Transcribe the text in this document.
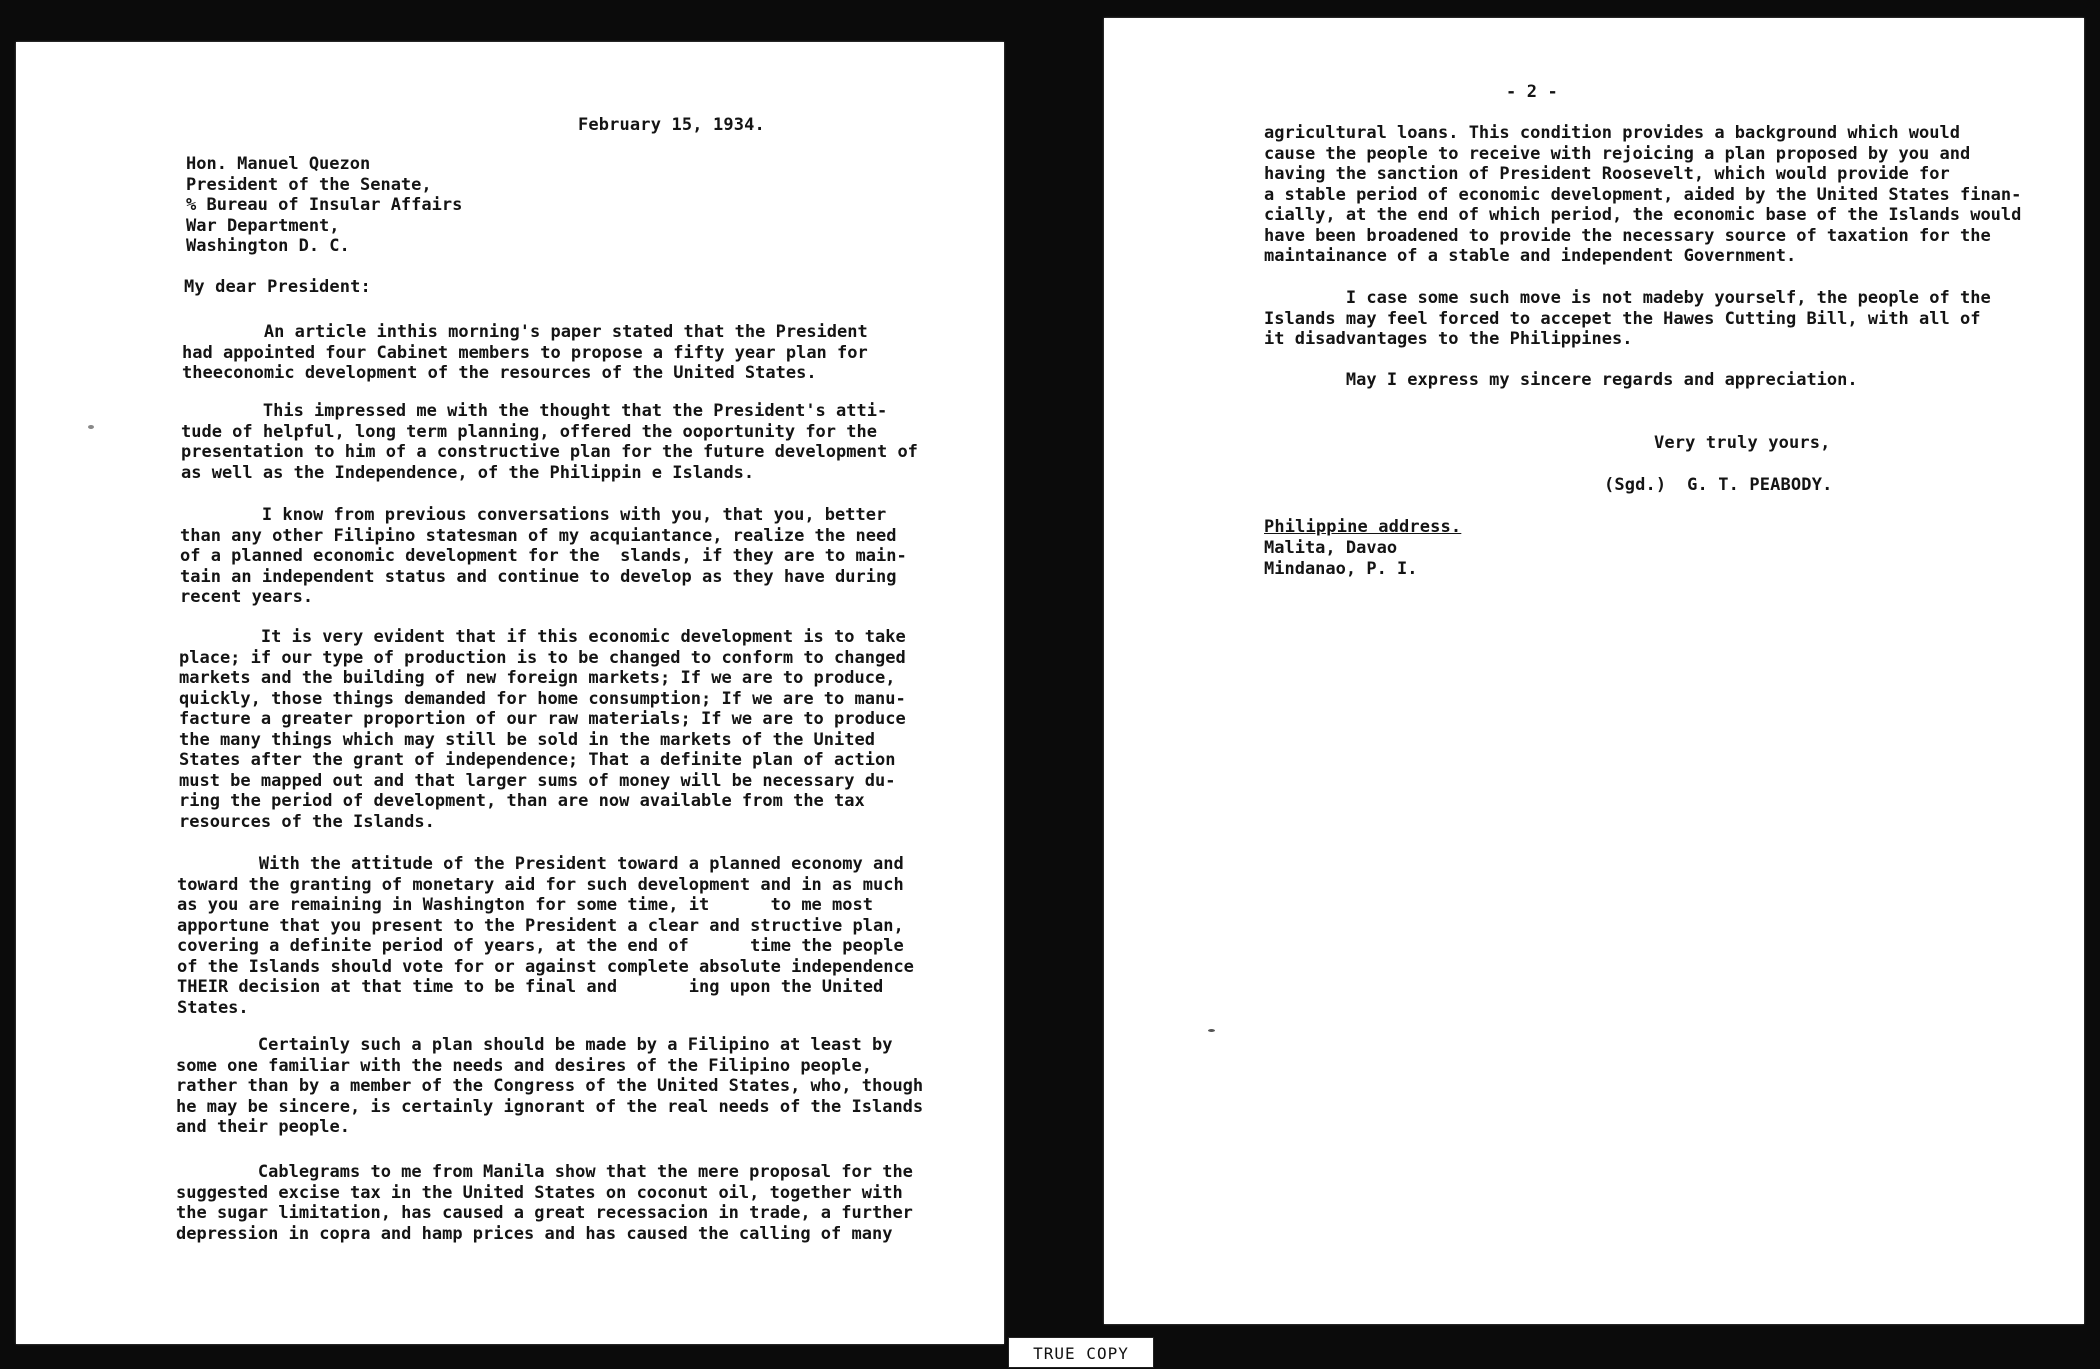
February 15, 1934.

Hon. Manuel Quezon
President of the Senate,
% Bureau of Insular Affairs
War Department,
Washington D. C.

My dear President:

An article inthis morning's paper stated that the President
had appointed four Cabinet members to propose a fifty year plan for
theeconomic development of the resources of the United States.
This impressed me with the thought that the President's atti-
tude of helpful, long term planning, offered the ooportunity for the
presentation to him of a constructive plan for the future development of
as well as the Independence, of the Philippin e Islands.
I know from previous conversations with you, that you, better
than any other Filipino statesman of my acquiantance, realize the need
of a planned economic development for the  slands, if they are to main-
tain an independent status and continue to develop as they have during
recent years.
It is very evident that if this economic development is to take
place; if our type of production is to be changed to conform to changed
markets and the building of new foreign markets; If we are to produce,
quickly, those things demanded for home consumption; If we are to manu-
facture a greater proportion of our raw materials; If we are to produce
the many things which may still be sold in the markets of the United
States after the grant of independence; That a definite plan of action
must be mapped out and that larger sums of money will be necessary du-
ring the period of development, than are now available from the tax
resources of the Islands.
With the attitude of the President toward a planned economy and
toward the granting of monetary aid for such development and in as much
as you are remaining in Washington for some time, it      to me most
apportune that you present to the President a clear and structive plan,
covering a definite period of years, at the end of      time the people
of the Islands should vote for or against complete absolute independence
THEIR decision at that time to be final and       ing upon the United
States.
Certainly such a plan should be made by a Filipino at least by
some one familiar with the needs and desires of the Filipino people,
rather than by a member of the Congress of the United States, who, though
he may be sincere, is certainly ignorant of the real needs of the Islands
and their people.
Cablegrams to me from Manila show that the mere proposal for the
suggested excise tax in the United States on coconut oil, together with
the sugar limitation, has caused a great recessacion in trade, a further
depression in copra and hamp prices and has caused the calling of many

- 2 -

agricultural loans. This condition provides a background which would
cause the people to receive with rejoicing a plan proposed by you and
having the sanction of President Roosevelt, which would provide for
a stable period of economic development, aided by the United States finan-
cially, at the end of which period, the economic base of the Islands would
have been broadened to provide the necessary source of taxation for the
maintainance of a stable and independent Government.
I case some such move is not madeby yourself, the people of the
Islands may feel forced to accepet the Hawes Cutting Bill, with all of
it disadvantages to the Philippines.
May I express my sincere regards and appreciation.

Very truly yours,

(Sgd.)  G. T. PEABODY.

Philippine address.

Malita, Davao
Mindanao, P. I.
TRUE COPY
